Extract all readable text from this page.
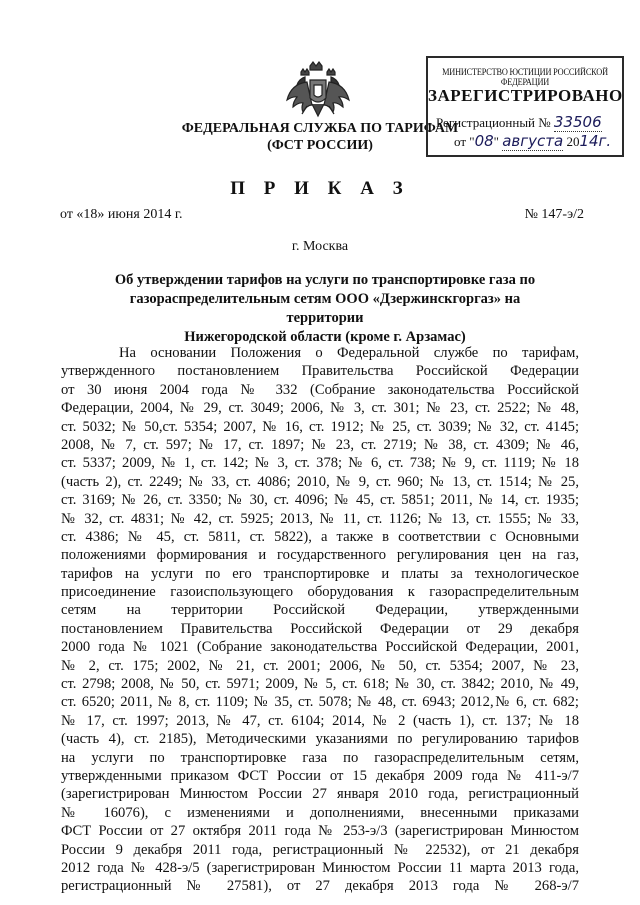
ФЕДЕРАЛЬНАЯ СЛУЖБА ПО ТАРИФАМ
(ФСТ РОССИИ)
МИНИСТЕРСТВО ЮСТИЦИИ РОССИЙСКОЙ ФЕДЕРАЦИИ
ЗАРЕГИСТРИРОВАНО
Регистрационный № 33506
от "08" августа 2014г.
П Р И К А З
от «18» июня 2014 г.	№ 147-э/2
г. Москва
Об утверждении тарифов на услуги по транспортировке газа по
газораспределительным сетям ООО «Дзержинскгоргаз» на территории
Нижегородской области (кроме г. Арзамас)
На основании Положения о Федеральной службе по тарифам,
утвержденного постановлением Правительства Российской Федерации
от 30 июня 2004 года № 332 (Собрание законодательства Российской
Федерации, 2004, № 29, ст. 3049; 2006, № 3, ст. 301; № 23, ст. 2522; № 48,
ст. 5032; № 50,ст. 5354; 2007, № 16, ст. 1912; № 25, ст. 3039; № 32, ст. 4145;
2008, № 7, ст. 597; № 17, ст. 1897; № 23, ст. 2719; № 38, ст. 4309; № 46,
ст. 5337; 2009, № 1, ст. 142; № 3, ст. 378; № 6, ст. 738; № 9, ст. 1119; № 18
(часть 2), ст. 2249; № 33, ст. 4086; 2010, № 9, ст. 960; № 13, ст. 1514; № 25,
ст. 3169; № 26, ст. 3350; № 30, ст. 4096; № 45, ст. 5851; 2011, № 14, ст. 1935;
№ 32, ст. 4831; № 42, ст. 5925; 2013, № 11, ст. 1126; № 13, ст. 1555; № 33,
ст. 4386; № 45, ст. 5811, ст. 5822), а также в соответствии с Основными
положениями формирования и государственного регулирования цен на газ,
тарифов на услуги по его транспортировке и платы за технологическое
присоединение газоиспользующего оборудования к газораспределительным
сетям на территории Российской Федерации, утвержденными
постановлением Правительства Российской Федерации от 29 декабря
2000 года № 1021 (Собрание законодательства Российской Федерации, 2001,
№ 2, ст. 175; 2002, № 21, ст. 2001; 2006, № 50, ст. 5354; 2007, № 23,
ст. 2798; 2008, № 50, ст. 5971; 2009, № 5, ст. 618; № 30, ст. 3842; 2010, № 49,
ст. 6520; 2011, № 8, ст. 1109; № 35, ст. 5078; № 48, ст. 6943; 2012,№ 6, ст. 682;
№ 17, ст. 1997; 2013, № 47, ст. 6104; 2014, № 2 (часть 1), ст. 137; № 18
(часть 4), ст. 2185), Методическими указаниями по регулированию тарифов
на услуги по транспортировке газа по газораспределительным сетям,
утвержденными приказом ФСТ России от 15 декабря 2009 года № 411-э/7
(зарегистрирован Минюстом России 27 января 2010 года, регистрационный
№ 16076), с изменениями и дополнениями, внесенными приказами
ФСТ России от 27 октября 2011 года № 253-э/3 (зарегистрирован Минюстом
России 9 декабря 2011 года, регистрационный № 22532), от 21 декабря
2012 года № 428-э/5 (зарегистрирован Минюстом России 11 марта 2013 года,
регистрационный № 27581), от 27 декабря 2013 года № 268-э/7
